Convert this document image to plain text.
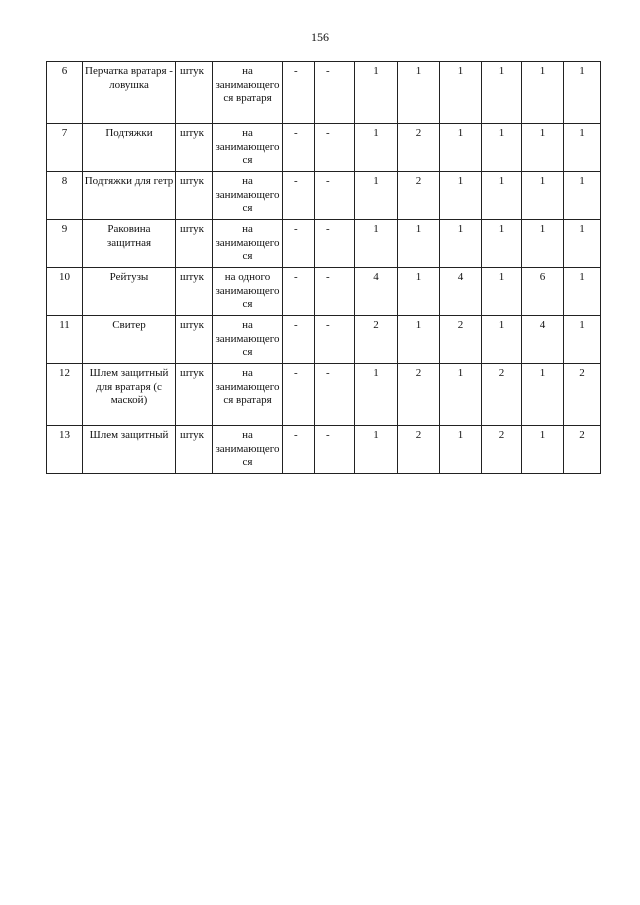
156
6	Перчатка вратаря - ловушка	штук	на занимающегося вратаря	-	-	1	1	1	1	1	1
7	Подтяжки	штук	на занимающегося	-	-	1	2	1	1	1	1
8	Подтяжки для гетр	штук	на занимающегося	-	-	1	2	1	1	1	1
9	Раковина защитная	штук	на занимающегося	-	-	1	1	1	1	1	1
10	Рейтузы	штук	на одного занимающегося	-	-	4	1	4	1	6	1
11	Свитер	штук	на занимающегося	-	-	2	1	2	1	4	1
12	Шлем защитный для вратаря (с маской)	штук	на занимающегося вратаря	-	-	1	2	1	2	1	2
13	Шлем защитный	штук	на занимающегося	-	-	1	2	1	2	1	2
